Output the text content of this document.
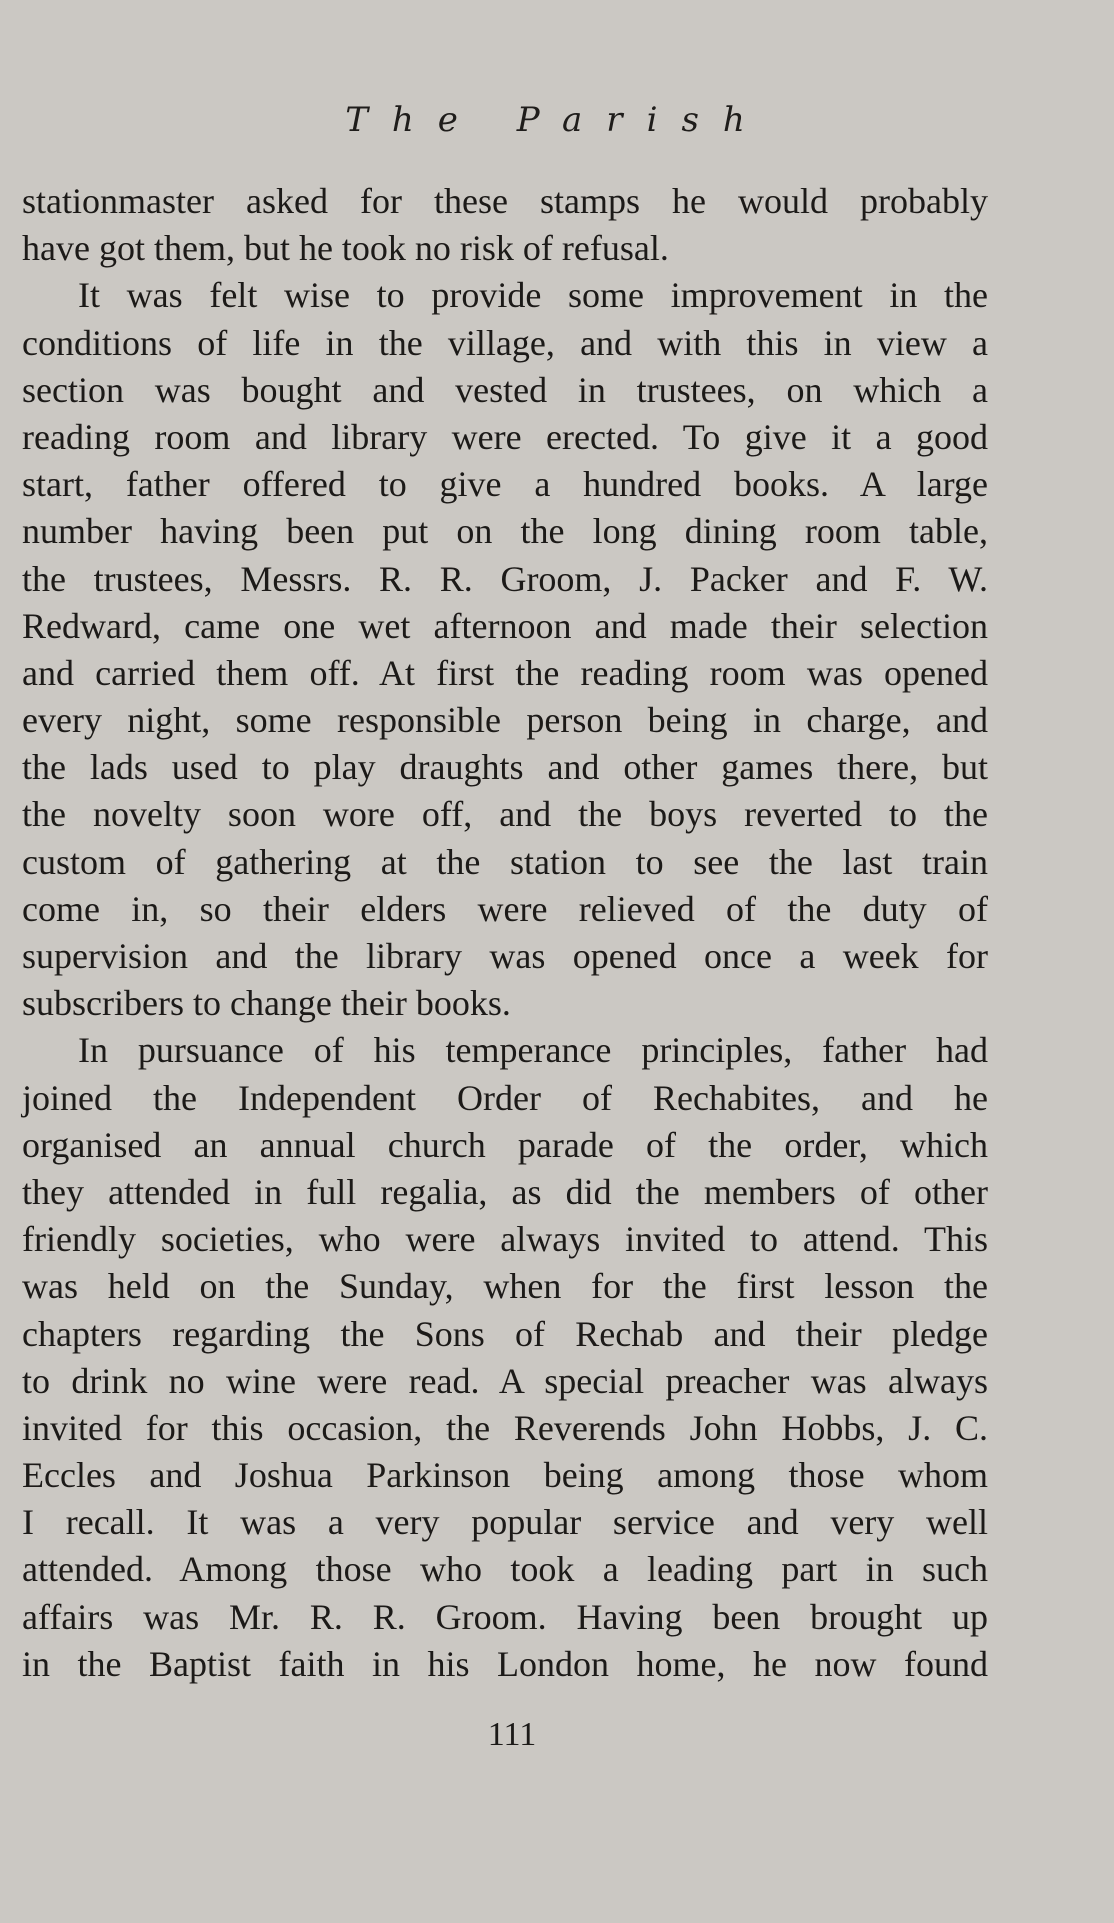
The Parish
stationmaster asked for these stamps he would probably
have got them, but he took no risk of refusal.
It was felt wise to provide some improvement in the
conditions of life in the village, and with this in view a
section was bought and vested in trustees, on which a
reading room and library were erected. To give it a good
start, father offered to give a hundred books. A large
number having been put on the long dining room table,
the trustees, Messrs. R. R. Groom, J. Packer and F. W.
Redward, came one wet afternoon and made their selection
and carried them off. At first the reading room was opened
every night, some responsible person being in charge, and
the lads used to play draughts and other games there, but
the novelty soon wore off, and the boys reverted to the
custom of gathering at the station to see the last train
come in, so their elders were relieved of the duty of
supervision and the library was opened once a week for
subscribers to change their books.
In pursuance of his temperance principles, father had
joined the Independent Order of Rechabites, and he
organised an annual church parade of the order, which
they attended in full regalia, as did the members of other
friendly societies, who were always invited to attend. This
was held on the Sunday, when for the first lesson the
chapters regarding the Sons of Rechab and their pledge
to drink no wine were read. A special preacher was always
invited for this occasion, the Reverends John Hobbs, J. C.
Eccles and Joshua Parkinson being among those whom
I recall. It was a very popular service and very well
attended. Among those who took a leading part in such
affairs was Mr. R. R. Groom. Having been brought up
in the Baptist faith in his London home, he now found
111
